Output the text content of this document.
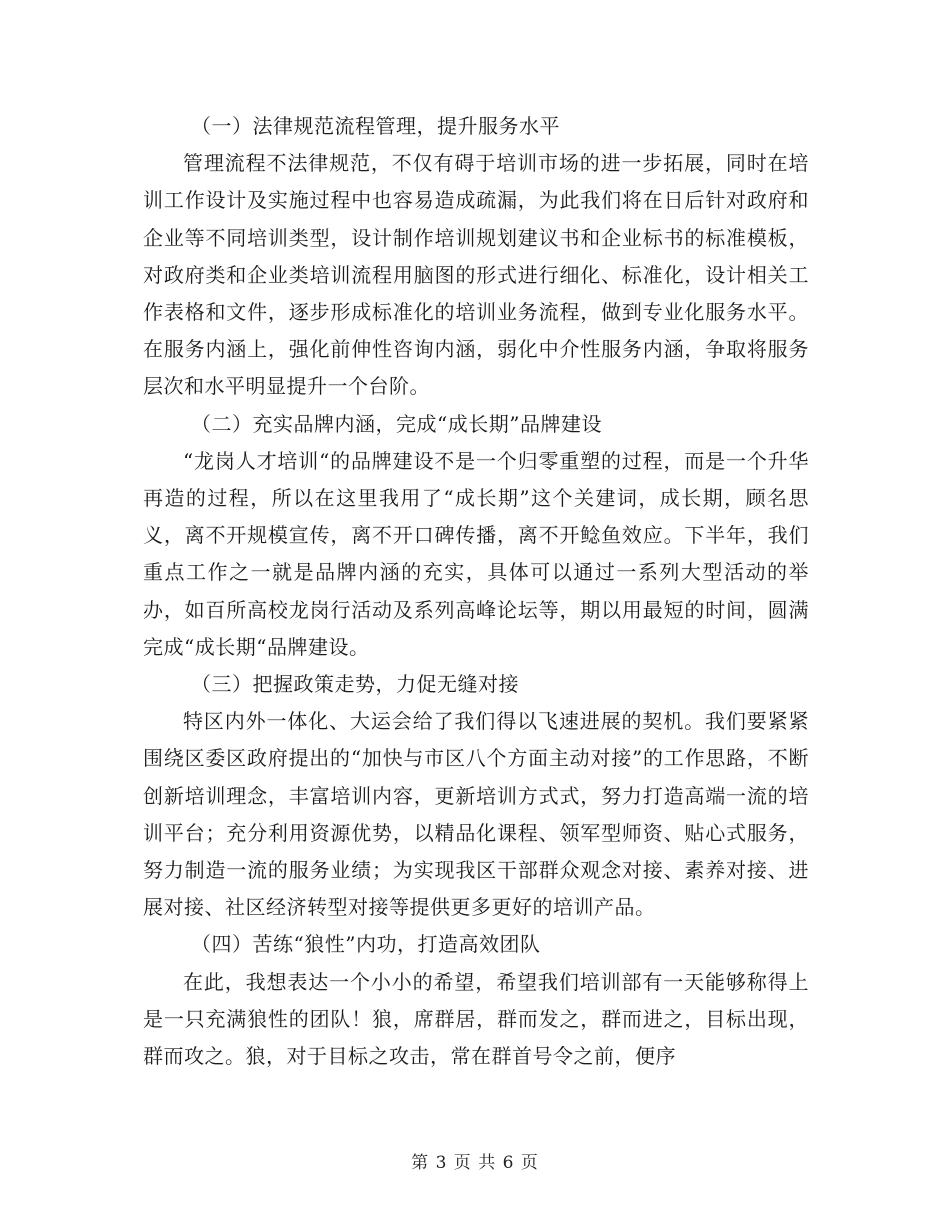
（一）法律规范流程管理，提升服务水平

管理流程不法律规范，不仅有碍于培训市场的进一步拓展，同时在培训工作设计及实施过程中也容易造成疏漏，为此我们将在日后针对政府和企业等不同培训类型，设计制作培训规划建议书和企业标书的标准模板，对政府类和企业类培训流程用脑图的形式进行细化、标准化，设计相关工作表格和文件，逐步形成标准化的培训业务流程，做到专业化服务水平。在服务内涵上，强化前伸性咨询内涵，弱化中介性服务内涵，争取将服务层次和水平明显提升一个台阶。

（二）充实品牌内涵，完成“成长期”品牌建设

“龙岗人才培训“的品牌建设不是一个归零重塑的过程，而是一个升华再造的过程，所以在这里我用了“成长期”这个关建词，成长期，顾名思义，离不开规模宣传，离不开口碑传播，离不开鲶鱼效应。下半年，我们重点工作之一就是品牌内涵的充实，具体可以通过一系列大型活动的举办，如百所高校龙岗行活动及系列高峰论坛等，期以用最短的时间，圆满完成“成长期“品牌建设。

（三）把握政策走势，力促无缝对接

特区内外一体化、大运会给了我们得以飞速进展的契机。我们要紧紧围绕区委区政府提出的“加快与市区八个方面主动对接”的工作思路，不断创新培训理念，丰富培训内容，更新培训方式式，努力打造高端一流的培训平台；充分利用资源优势，以精品化课程、领军型师资、贴心式服务，努力制造一流的服务业绩；为实现我区干部群众观念对接、素养对接、进展对接、社区经济转型对接等提供更多更好的培训产品。

（四）苦练“狼性”内功，打造高效团队

在此，我想表达一个小小的希望，希望我们培训部有一天能够称得上是一只充满狼性的团队！狼，席群居，群而发之，群而进之，目标出现，群而攻之。狼，对于目标之攻击，常在群首号令之前，便序

第 3 页 共 6 页
